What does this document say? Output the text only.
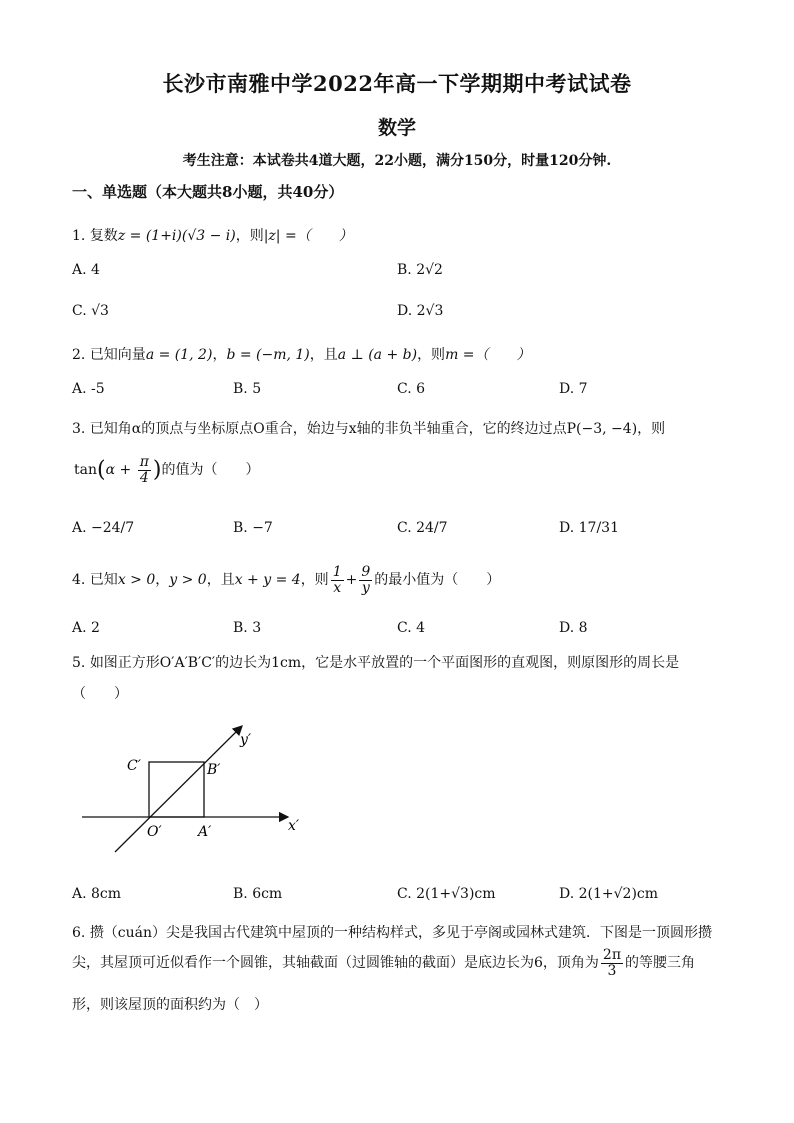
长沙市南雅中学2022年高一下学期期中考试试卷
数学
考生注意：本试卷共4道大题，22小题，满分150分，时量120分钟.
一、单选题（本大题共8小题，共40分）
1. 复数z = (1+i)(√3 − i)，则|z| =（　　）
A. 4	B. 2√2
C. √3	D. 2√3
2. 已知向量a = (1, 2)，b = (−m, 1)，且a ⊥ (a + b)，则m =（　　）
A. -5	B. 5	C. 6	D. 7
3. 已知角α的顶点与坐标原点O重合，始边与x轴的非负半轴重合，它的终边过点P(−3, −4)，则
$\tan(\alpha + \frac{\pi}{4}$ )的值为（　　）
A. −24/7	B. −7	C. 24/7	D. 17/31
4. 已知x > 0，y > 0，且x + y = 4，则 $\frac{1}{x} + \frac{9}{y}$ 的最小值为（　　）
A. 2	B. 3	C. 4	D. 8
5. 如图正方形O′A′B′C′的边长为1cm，它是水平放置的一个平面图形的直观图，则原图形的周长是
（　　）
C′	B′
y′
O′	A′	x′
A. 8cm	B. 6cm	C. 2(1+√3)cm	D. 2(1+√2)cm
6. 攒（cuán）尖是我国古代建筑中屋顶的一种结构样式，多见于亭阁或园林式建筑．下图是一顶圆形攒
尖，其屋顶可近似看作一个圆锥，其轴截面（过圆锥轴的截面）是底边长为6，顶角为 $\frac{2\pi}{3}$ 的等腰三角
形，则该屋顶的面积约为（　）
